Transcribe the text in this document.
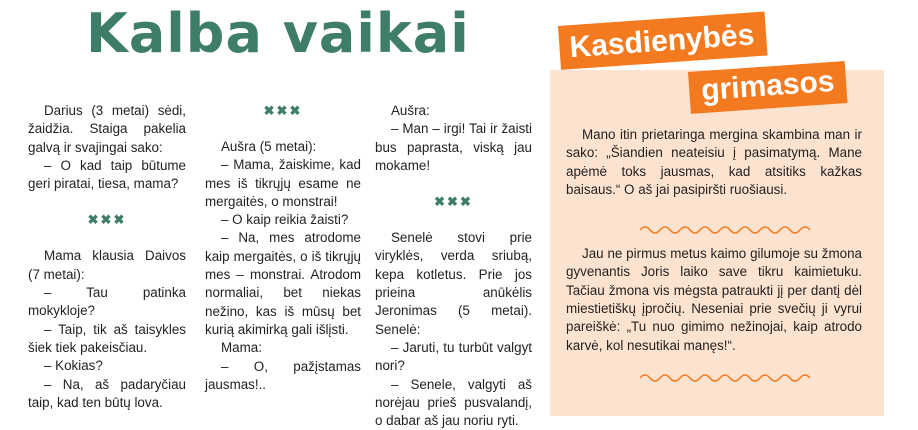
Kalba vaikai

Darius (3 metai) sėdi, žaidžia. Staiga pakelia galvą ir svajingai sako:

– O kad taip būtume geri piratai, tiesa, mama?

✖✖✖

Mama klausia Daivos (7 metai):

– Tau patinka mokykloje?

– Taip, tik aš taisykles šiek tiek pakeisčiau.

– Kokias?

– Na, aš padaryčiau taip, kad ten būtų lova.

✖✖✖

Aušra (5 metai):

– Mama, žaiskime, kad mes iš tikrųjų esame ne mergaitės, o monstrai!

– O kaip reikia žaisti?

– Na, mes atrodome kaip mergaitės, o iš tikrųjų mes – monstrai. Atrodom normaliai, bet niekas nežino, kas iš mūsų bet kurią akimirką gali išlįsti.

Mama:

– O, pažįstamas jausmas!..

Aušra:

– Man – irgi! Tai ir žaisti bus paprasta, viską jau mokame!

✖✖✖

Senelė stovi prie viryklės, verda sriubą, kepa kotletus. Prie jos prieina anūkėlis Jeronimas (5 metai). Senelė:

– Jaruti, tu turbūt valgyt nori?

– Senele, valgyti aš norėjau prieš pusvalandį, o dabar aš jau noriu ryti.

Kasdienybės
grimasos

Mano itin prietaringa mergina skambina man ir sako: „Šiandien neateisiu į pasimatymą. Mane apėmė toks jausmas, kad atsitiks kažkas baisaus.“ O aš jai pasipiršti ruošiausi.

Jau ne pirmus metus kaimo gilumoje su žmona gyvenantis Joris laiko save tikru kaimietuku. Tačiau žmona vis mėgsta patraukti jį per dantį dėl miestietiškų įpročių. Neseniai prie svečių ji vyrui pareiškė: „Tu nuo gimimo nežinojai, kaip atrodo karvė, kol nesutikai manęs!“.
